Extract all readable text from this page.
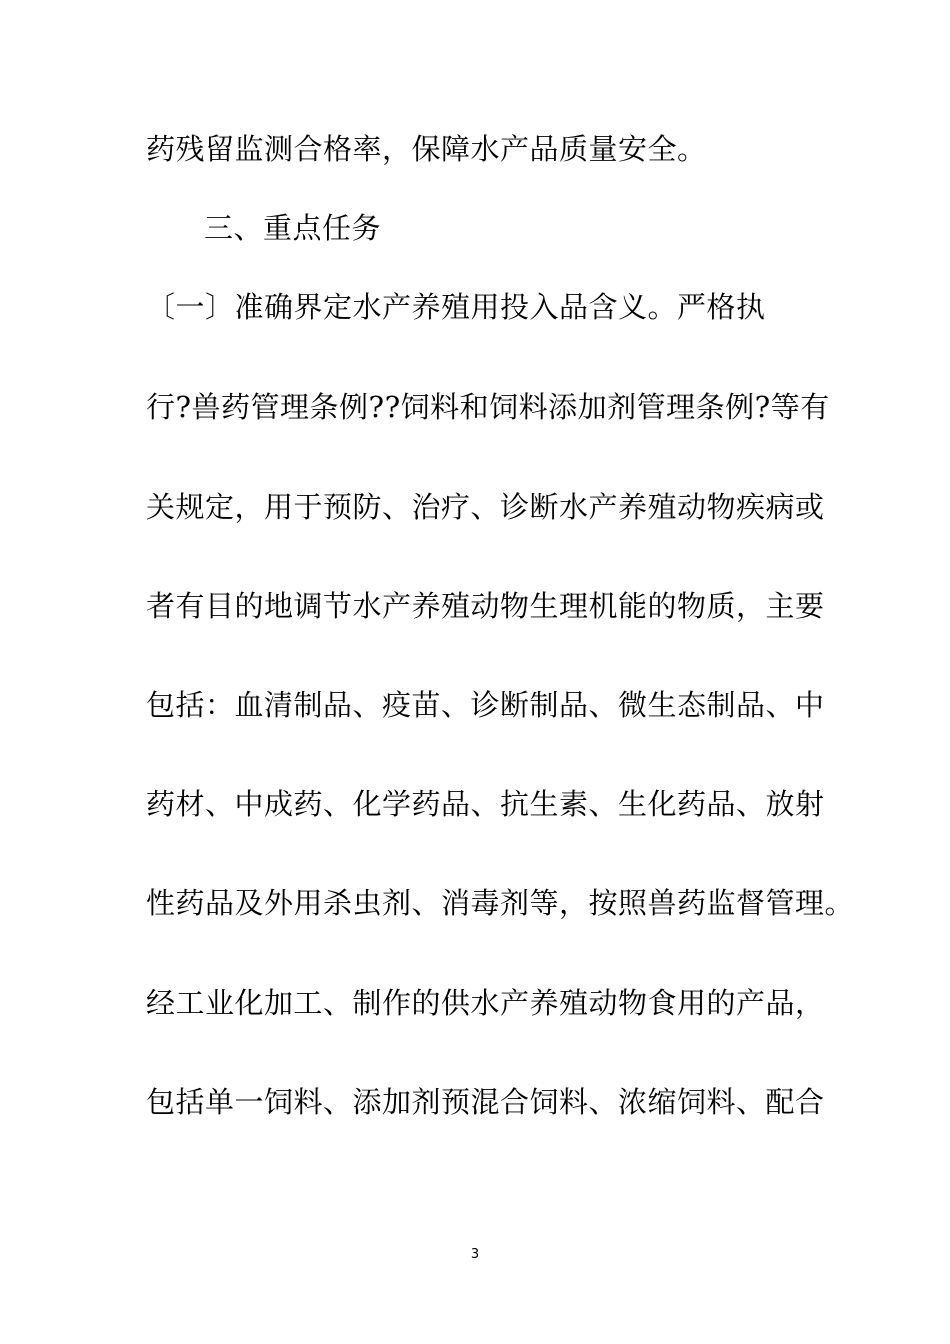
药残留监测合格率，保障水产品质量安全。
三、重点任务
〔一〕准确界定水产养殖用投入品含义。严格执
行?兽药管理条例??饲料和饲料添加剂管理条例?等有
关规定，用于预防、治疗、诊断水产养殖动物疾病或
者有目的地调节水产养殖动物生理机能的物质，主要
包括：血清制品、疫苗、诊断制品、微生态制品、中
药材、中成药、化学药品、抗生素、生化药品、放射
性药品及外用杀虫剂、消毒剂等，按照兽药监督管理。
经工业化加工、制作的供水产养殖动物食用的产品，
包括单一饲料、添加剂预混合饲料、浓缩饲料、配合
3
